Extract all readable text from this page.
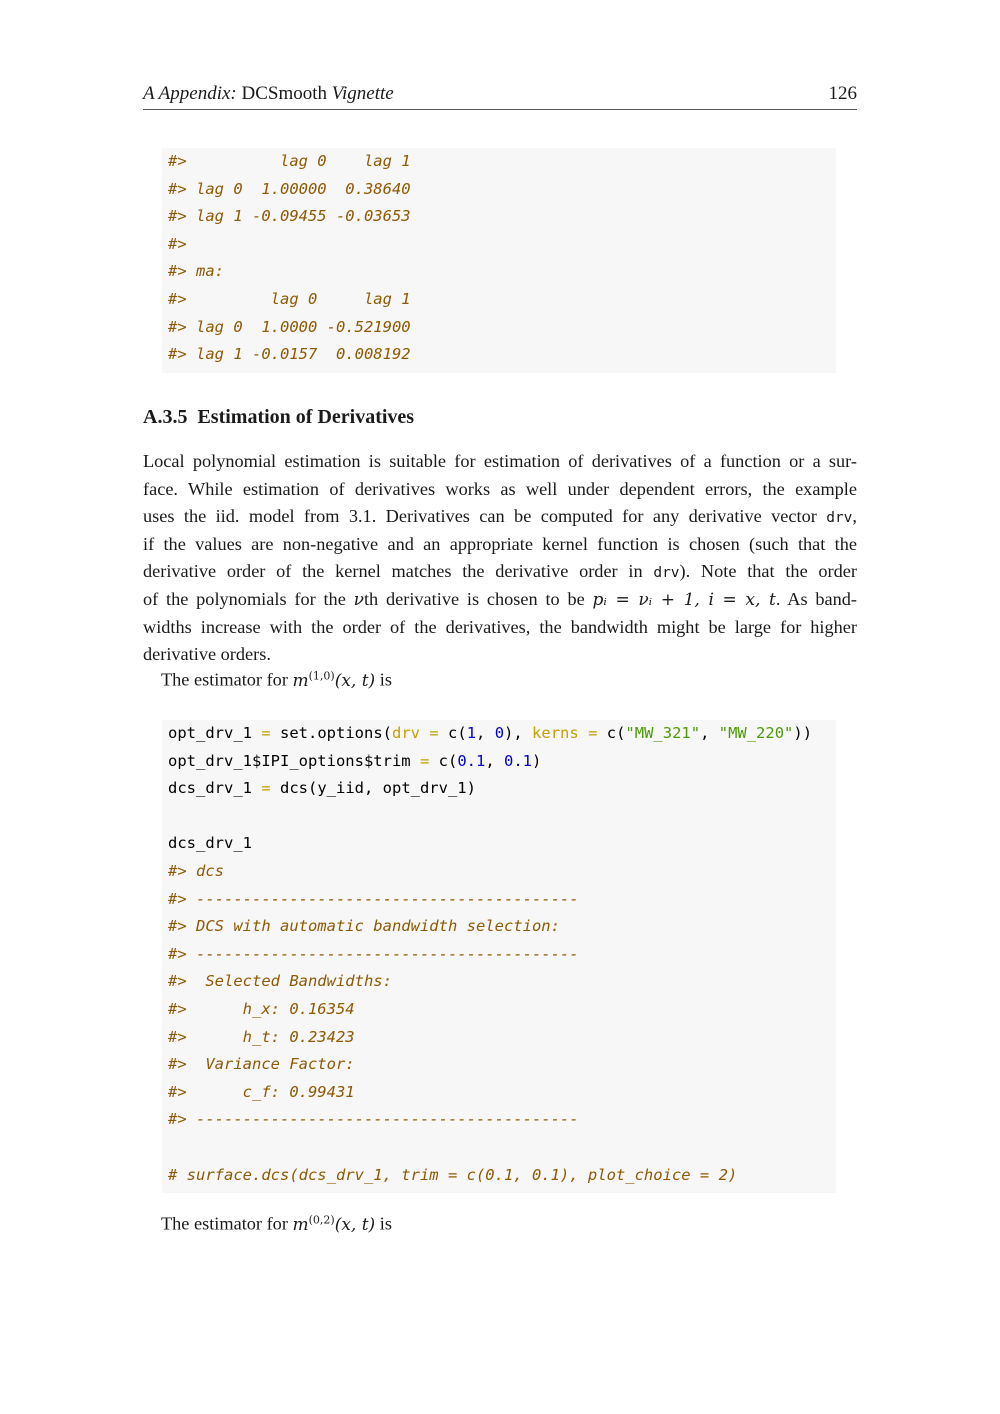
A Appendix: DCSmooth Vignette	126
#>          lag 0    lag 1
#> lag 0  1.00000  0.38640
#> lag 1 -0.09455 -0.03653
#>
#> ma:
#>         lag 0     lag 1
#> lag 0  1.0000 -0.521900
#> lag 1 -0.0157  0.008192
A.3.5 Estimation of Derivatives
Local polynomial estimation is suitable for estimation of derivatives of a function or a sur-
face. While estimation of derivatives works as well under dependent errors, the example
uses the iid. model from 3.1. Derivatives can be computed for any derivative vector drv,
if the values are non-negative and an appropriate kernel function is chosen (such that the
derivative order of the kernel matches the derivative order in drv). Note that the order
of the polynomials for the νth derivative is chosen to be pᵢ = νᵢ + 1, i = x, t. As band-
widths increase with the order of the derivatives, the bandwidth might be large for higher
derivative orders.
The estimator for $m^{(1,0)}(x$, t) is
opt_drv_1 = set.options(drv = c(1, 0), kerns = c("MW_321", "MW_220"))
opt_drv_1$IPI_options$trim = c(0.1, 0.1)
dcs_drv_1 = dcs(y_iid, opt_drv_1)

dcs_drv_1
#> dcs
#> -----------------------------------------
#> DCS with automatic bandwidth selection:
#> -----------------------------------------
#>  Selected Bandwidths:
#>      h_x: 0.16354
#>      h_t: 0.23423
#>  Variance Factor:
#>      c_f: 0.99431
#> -----------------------------------------

# surface.dcs(dcs_drv_1, trim = c(0.1, 0.1), plot_choice = 2)
The estimator for $m^{(0,2)}(x$, t) is
